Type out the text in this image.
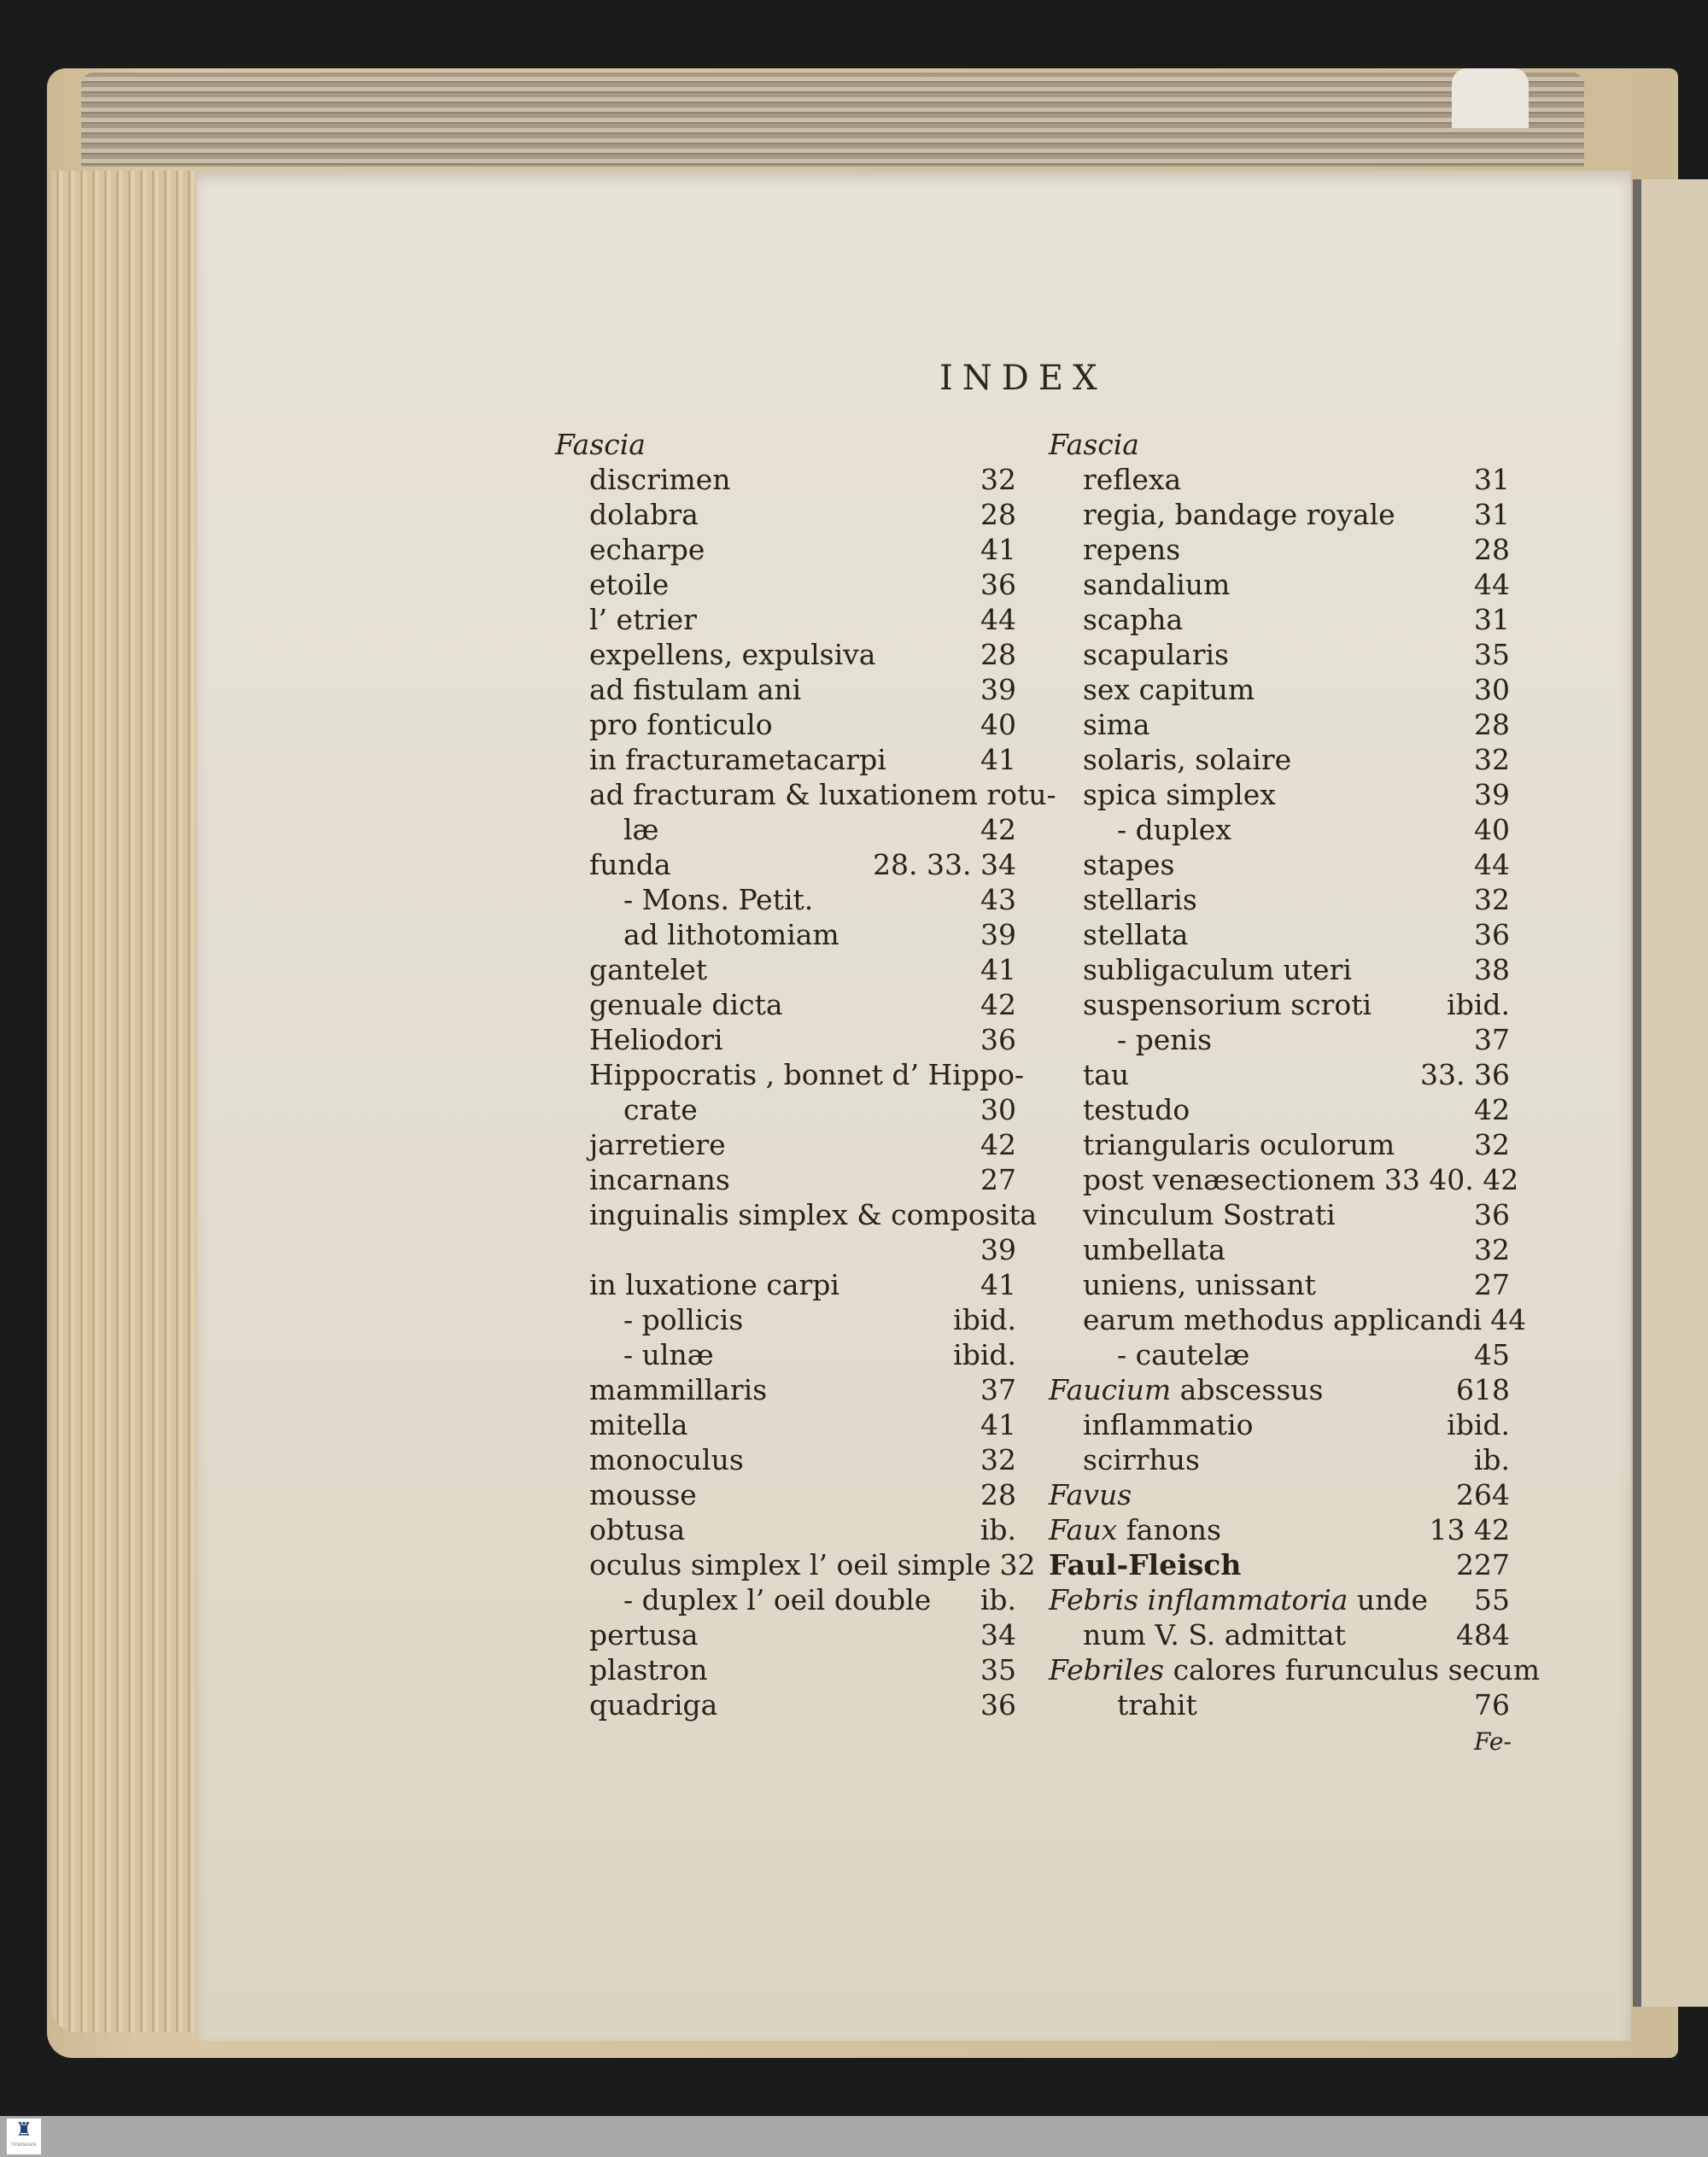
INDEX
Fascia
discrimen	32
dolabra	28
echarpe	41
etoile	36
l’ etrier	44
expellens, expulsiva	28
ad fistulam ani	39
pro fonticulo	40
in fracturametacarpi	41
ad fracturam & luxationem rotu-
læ	42
funda	28. 33. 34
- Mons. Petit.	43
ad lithotomiam	39
gantelet	41
genuale dicta	42
Heliodori	36
Hippocratis , bonnet d’ Hippo-
crate	30
jarretiere	42
incarnans	27
inguinalis simplex & composita
39
in luxatione carpi	41
- pollicis	ibid.
- ulnæ	ibid.
mammillaris	37
mitella	41
monoculus	32
mousse	28
obtusa	ib.
oculus simplex l’ oeil simple 32
- duplex l’ oeil double	ib.
pertusa	34
plastron	35
quadriga	36
Fascia
reflexa	31
regia, bandage royale	31
repens	28
sandalium	44
scapha	31
scapularis	35
sex capitum	30
sima	28
solaris, solaire	32
spica simplex	39
- duplex	40
stapes	44
stellaris	32
stellata	36
subligaculum uteri	38
suspensorium scroti	ibid.
- penis	37
tau	33. 36
testudo	42
triangularis oculorum	32
post venæsectionem 33 40. 42
vinculum Sostrati	36
umbellata	32
uniens, unissant	27
earum methodus applicandi 44
- cautelæ	45
Faucium abscessus	618
inflammatio	ibid.
scirrhus	ib.
Favus	264
Faux fanons	13 42
Faul-Fleisch	227
Febris inflammatoria unde	55
num V. S. admittat	484
Febriles calores furunculus secum
trahit	76
Fe-
♜
TÜBINGEN
